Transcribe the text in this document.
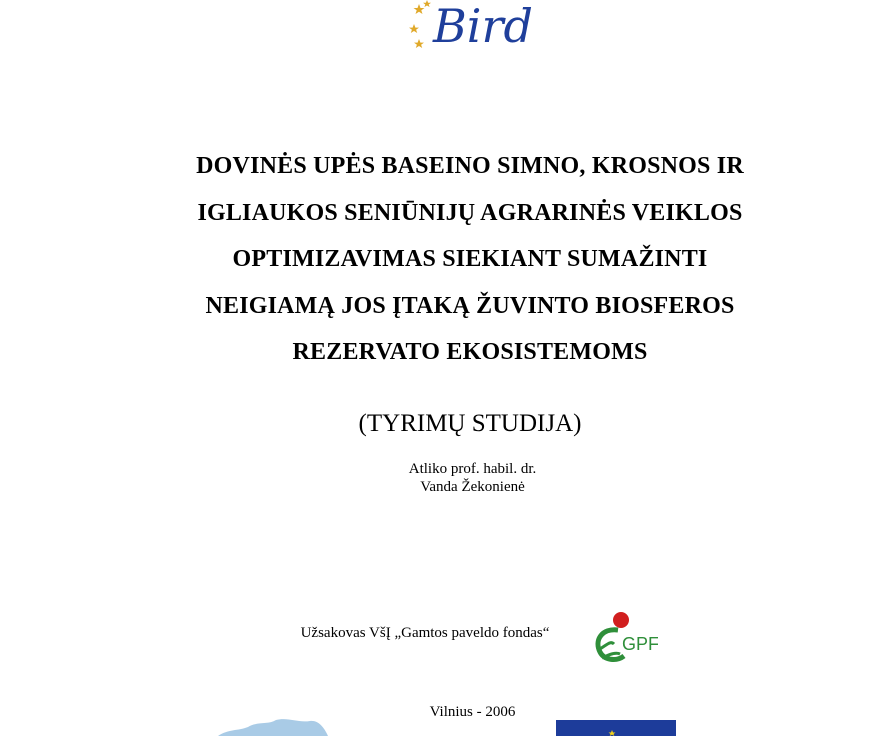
Bird
DOVINĖS UPĖS BASEINO SIMNO, KROSNOS IR
IGLIAUKOS SENIŪNIJŲ AGRARINĖS VEIKLOS
OPTIMIZAVIMAS SIEKIANT SUMAŽINTI
NEIGIAMĄ JOS ĮTAKĄ ŽUVINTO BIOSFEROS
REZERVATO EKOSISTEMOMS
(TYRIMŲ STUDIJA)
Atliko prof. habil. dr.
Vanda Žekonienė
Užsakovas VšĮ „Gamtos paveldo fondas“
GPF
Vilnius - 2006
